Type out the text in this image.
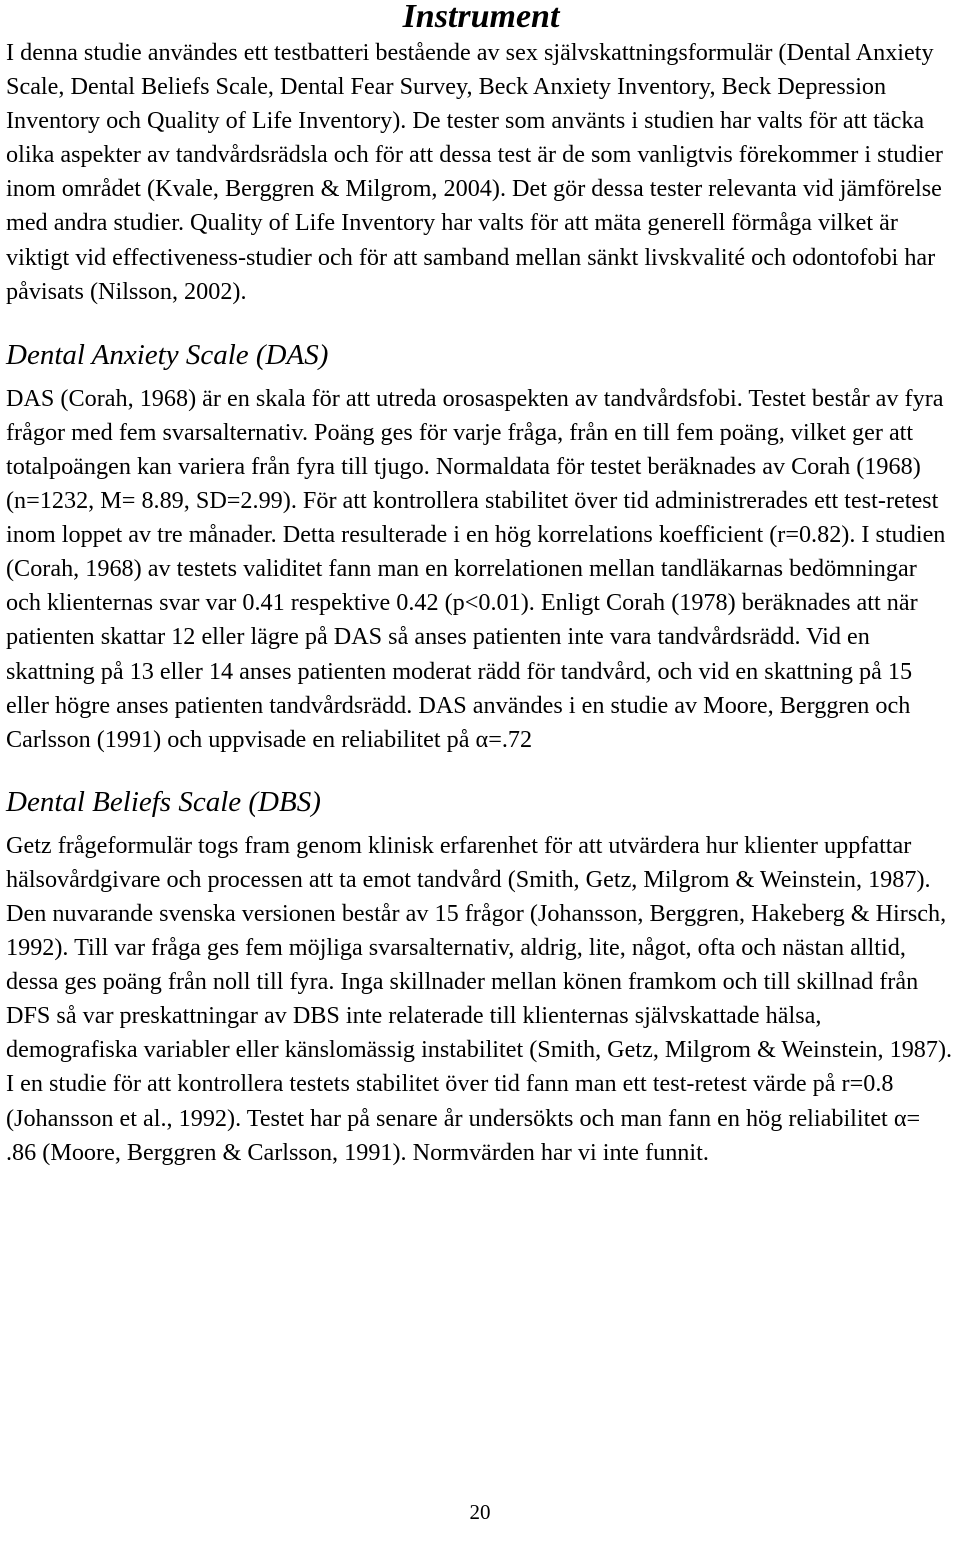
Instrument

I denna studie användes ett testbatteri bestående av sex självskattningsformulär (Dental Anxiety Scale, Dental Beliefs Scale, Dental Fear Survey, Beck Anxiety Inventory, Beck Depression Inventory och Quality of Life Inventory). De tester som använts i studien har valts för att täcka olika aspekter av tandvårdsrädsla och för att dessa test är de som vanligtvis förekommer i studier inom området (Kvale, Berggren & Milgrom, 2004). Det gör dessa tester relevanta vid jämförelse med andra studier. Quality of Life Inventory har valts för att mäta generell förmåga vilket är viktigt vid effectiveness-studier och för att samband mellan sänkt livskvalité och odontofobi har påvisats (Nilsson, 2002).

Dental Anxiety Scale (DAS)

DAS (Corah, 1968) är en skala för att utreda orosaspekten av tandvårdsfobi. Testet består av fyra frågor med fem svarsalternativ. Poäng ges för varje fråga, från en till fem poäng, vilket ger att totalpoängen kan variera från fyra till tjugo. Normaldata för testet beräknades av Corah (1968) (n=1232, M= 8.89, SD=2.99). För att kontrollera stabilitet över tid administrerades ett test-retest inom loppet av tre månader. Detta resulterade i en hög korrelations koefficient (r=0.82). I studien (Corah, 1968) av testets validitet fann man en korrelationen mellan tandläkarnas bedömningar och klienternas svar var 0.41 respektive 0.42 (p<0.01). Enligt Corah (1978) beräknades att när patienten skattar 12 eller lägre på DAS så anses patienten inte vara tandvårdsrädd. Vid en skattning på 13 eller 14 anses patienten moderat rädd för tandvård, och vid en skattning på 15 eller högre anses patienten tandvårdsrädd. DAS användes i en studie av Moore, Berggren och Carlsson (1991) och uppvisade en reliabilitet på α=.72

Dental Beliefs Scale (DBS)

Getz frågeformulär togs fram genom klinisk erfarenhet för att utvärdera hur klienter uppfattar hälsovårdgivare och processen att ta emot tandvård (Smith, Getz, Milgrom & Weinstein, 1987). Den nuvarande svenska versionen består av 15 frågor (Johansson, Berggren, Hakeberg & Hirsch, 1992). Till var fråga ges fem möjliga svarsalternativ, aldrig, lite, något, ofta och nästan alltid, dessa ges poäng från noll till fyra. Inga skillnader mellan könen framkom och till skillnad från DFS så var preskattningar av DBS inte relaterade till klienternas självskattade hälsa, demografiska variabler eller känslomässig instabilitet (Smith, Getz, Milgrom & Weinstein, 1987). I en studie för att kontrollera testets stabilitet över tid fann man ett test-retest värde på r=0.8 (Johansson et al., 1992). Testet har på senare år undersökts och man fann en hög reliabilitet α= .86 (Moore, Berggren & Carlsson, 1991). Normvärden har vi inte funnit.

20
